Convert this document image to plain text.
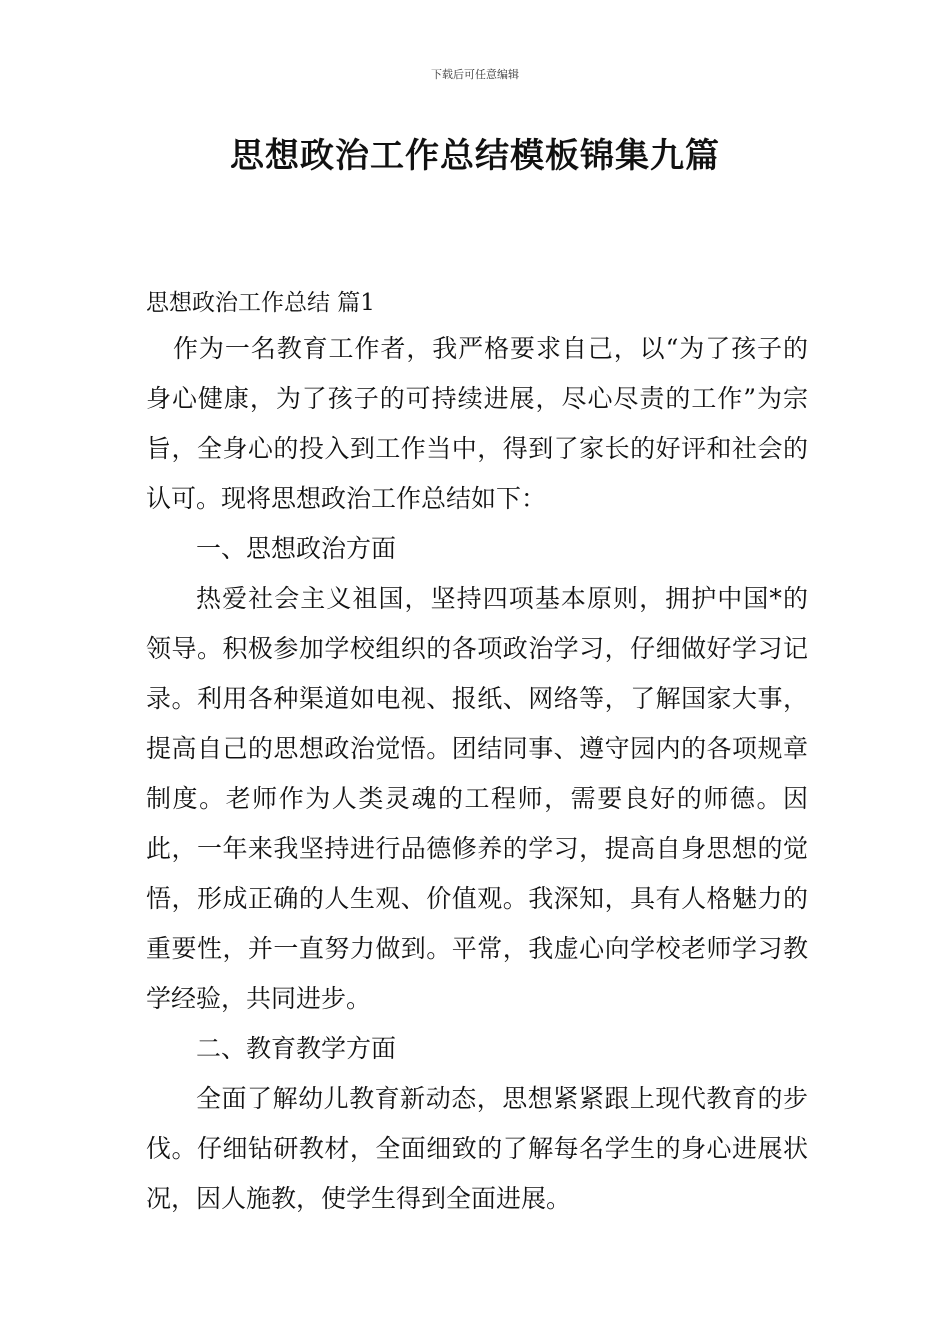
下载后可任意编辑
思想政治工作总结模板锦集九篇
思想政治工作总结 篇1

作为一名教育工作者，我严格要求自己，以“为了孩子的身心健康，为了孩子的可持续进展，尽心尽责的工作”为宗旨，全身心的投入到工作当中，得到了家长的好评和社会的认可。现将思想政治工作总结如下：

一、思想政治方面

热爱社会主义祖国，坚持四项基本原则，拥护中国*的领导。积极参加学校组织的各项政治学习，仔细做好学习记录。利用各种渠道如电视、报纸、网络等，了解国家大事，提高自己的思想政治觉悟。团结同事、遵守园内的各项规章制度。老师作为人类灵魂的工程师，需要良好的师德。因此，一年来我坚持进行品德修养的学习，提高自身思想的觉悟，形成正确的人生观、价值观。我深知，具有人格魅力的重要性，并一直努力做到。平常，我虚心向学校老师学习教学经验，共同进步。

二、教育教学方面

全面了解幼儿教育新动态，思想紧紧跟上现代教育的步伐。仔细钻研教材，全面细致的了解每名学生的身心进展状况，因人施教，使学生得到全面进展。
